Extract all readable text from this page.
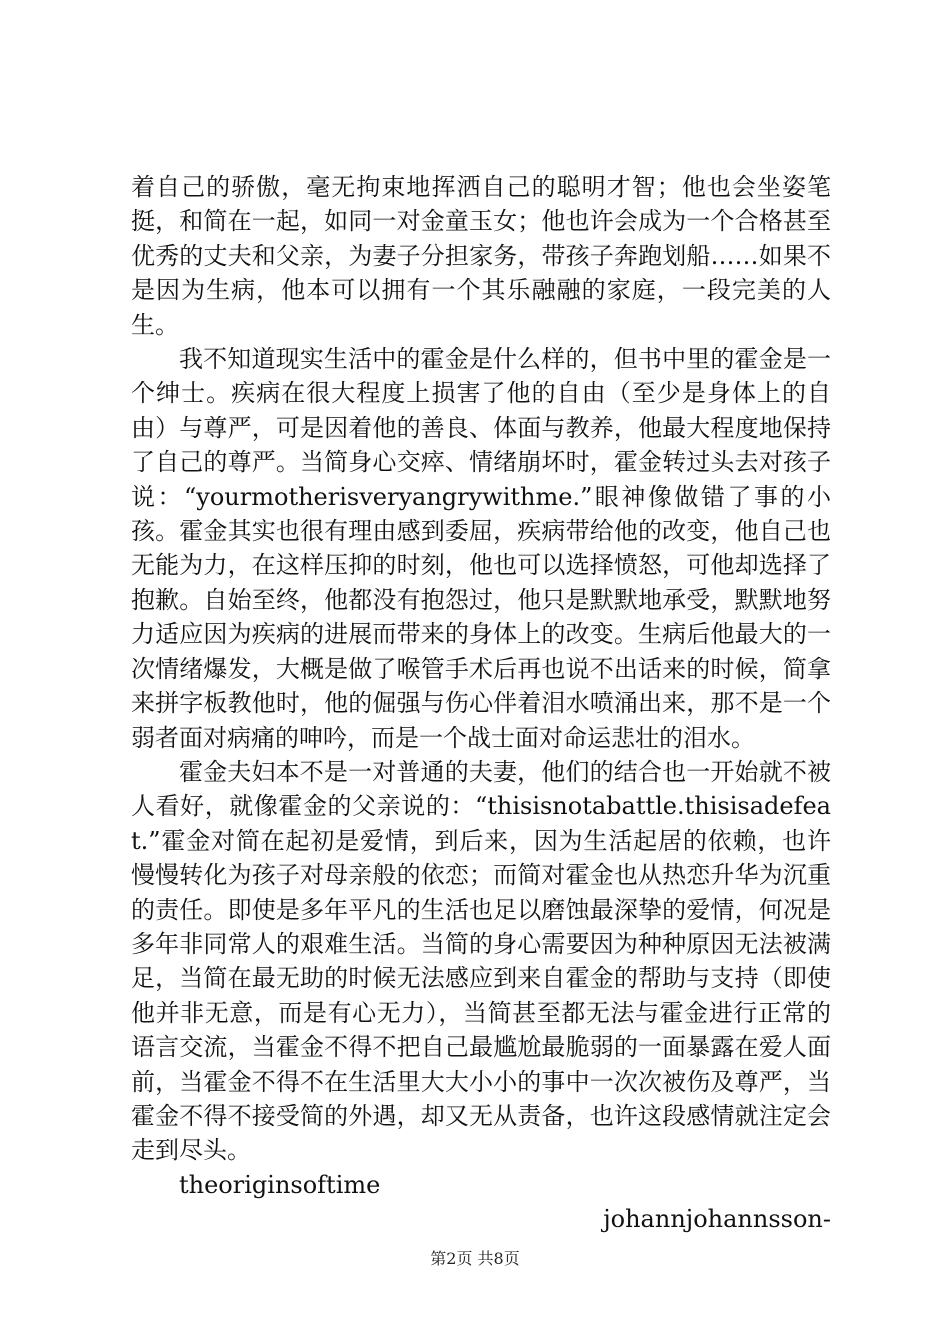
着自己的骄傲，毫无拘束地挥洒自己的聪明才智；他也会坐姿笔挺，和简在一起，如同一对金童玉女；他也许会成为一个合格甚至优秀的丈夫和父亲，为妻子分担家务，带孩子奔跑划船……如果不是因为生病，他本可以拥有一个其乐融融的家庭，一段完美的人生。

我不知道现实生活中的霍金是什么样的，但书中里的霍金是一个绅士。疾病在很大程度上损害了他的自由（至少是身体上的自由）与尊严，可是因着他的善良、体面与教养，他最大程度地保持了自己的尊严。当简身心交瘁、情绪崩坏时，霍金转过头去对孩子说：“yourmotherisveryangrywithme.”眼神像做错了事的小孩。霍金其实也很有理由感到委屈，疾病带给他的改变，他自己也无能为力，在这样压抑的时刻，他也可以选择愤怒，可他却选择了抱歉。自始至终，他都没有抱怨过，他只是默默地承受，默默地努力适应因为疾病的进展而带来的身体上的改变。生病后他最大的一次情绪爆发，大概是做了喉管手术后再也说不出话来的时候，简拿来拼字板教他时，他的倔强与伤心伴着泪水喷涌出来，那不是一个弱者面对病痛的呻吟，而是一个战士面对命运悲壮的泪水。

霍金夫妇本不是一对普通的夫妻，他们的结合也一开始就不被人看好，就像霍金的父亲说的：“thisisnotabattle.thisisadefeat.”霍金对简在起初是爱情，到后来，因为生活起居的依赖，也许慢慢转化为孩子对母亲般的依恋；而简对霍金也从热恋升华为沉重的责任。即使是多年平凡的生活也足以磨蚀最深挚的爱情，何况是多年非同常人的艰难生活。当简的身心需要因为种种原因无法被满足，当简在最无助的时候无法感应到来自霍金的帮助与支持（即使他并非无意，而是有心无力），当简甚至都无法与霍金进行正常的语言交流，当霍金不得不把自己最尴尬最脆弱的一面暴露在爱人面前，当霍金不得不在生活里大大小小的事中一次次被伤及尊严，当霍金不得不接受简的外遇，却又无从责备，也许这段感情就注定会走到尽头。

theoriginsoftime

johannjohannsson-

第2页 共8页
